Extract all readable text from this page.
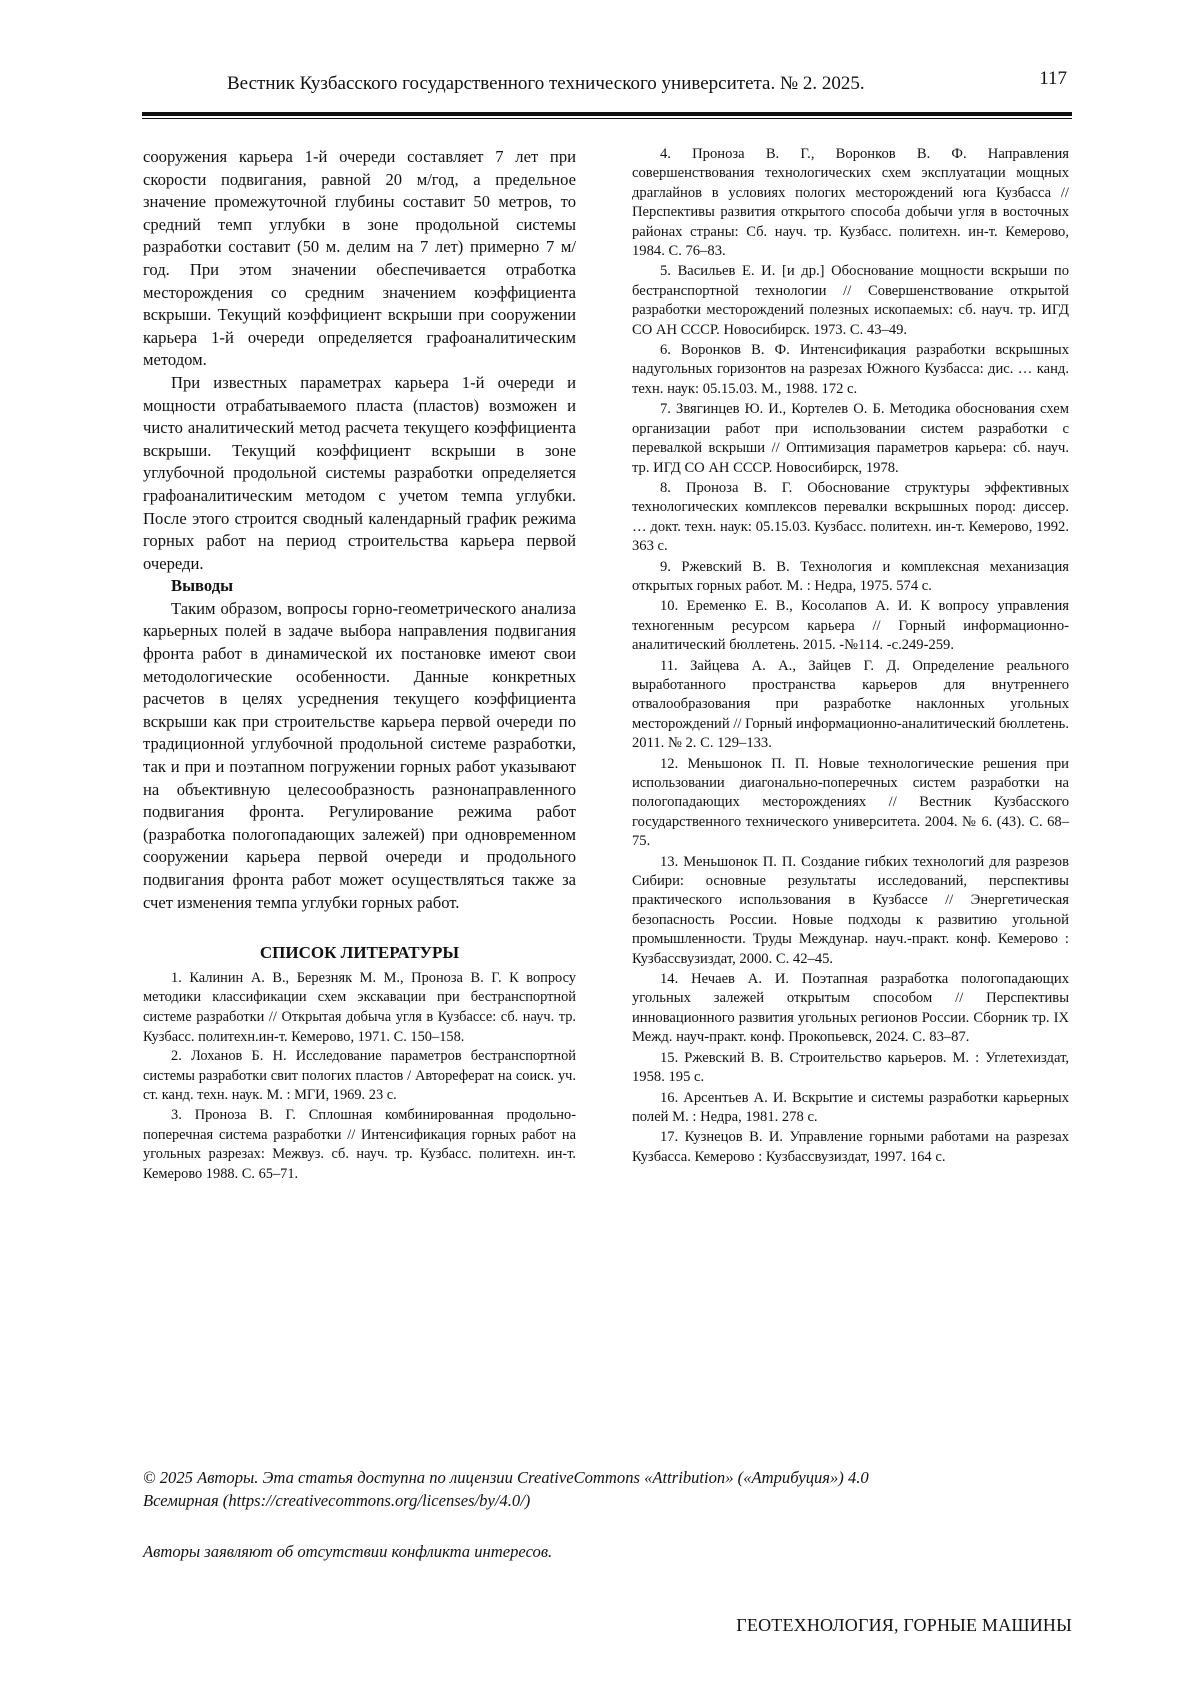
Вестник Кузбасского государственного технического университета. № 2. 2025.	117

сооружения карьера 1-й очереди составляет 7 лет при скорости подвигания, равной 20 м/год, а предельное значение промежуточной глубины составит 50 метров, то средний темп углубки в зоне продольной системы разработки составит (50 м. делим на 7 лет) примерно 7 м/год. При этом значении обеспечивается отработка месторождения со средним значением коэффициента вскрыши. Текущий коэффициент вскрыши при сооружении карьера 1-й очереди определяется графоаналитическим методом.

При известных параметрах карьера 1-й очереди и мощности отрабатываемого пласта (пластов) возможен и чисто аналитический метод расчета текущего коэффициента вскрыши. Текущий коэффициент вскрыши в зоне углубочной продольной системы разработки определяется графоаналитическим методом с учетом темпа углубки. После этого строится сводный календарный график режима горных работ на период строительства карьера первой очереди.

Выводы

Таким образом, вопросы горно-геометрического анализа карьерных полей в задаче выбора направления подвигания фронта работ в динамической их постановке имеют свои методологические особенности. Данные конкретных расчетов в целях усреднения текущего коэффициента вскрыши как при строительстве карьера первой очереди по традиционной углубочной продольной системе разработки, так и при и поэтапном погружении горных работ указывают на объективную целесообразность разнонаправленного подвигания фронта. Регулирование режима работ (разработка пологопадающих залежей) при одновременном сооружении карьера первой очереди и продольного подвигания фронта работ может осуществляться также за счет изменения темпа углубки горных работ.

СПИСОК ЛИТЕРАТУРЫ

1. Калинин А. В., Березняк М. М., Проноза В. Г. К вопросу методики классификации схем экскавации при бестранспортной системе разработки // Открытая добыча угля в Кузбассе: сб. науч. тр. Кузбасс. политехн.ин-т. Кемерово, 1971. С. 150–158.

2. Лоханов Б. Н. Исследование параметров бестранспортной системы разработки свит пологих пластов / Автореферат на соиск. уч. ст. канд. техн. наук. М. : МГИ, 1969. 23 с.

3. Проноза В. Г. Сплошная комбинированная продольно-поперечная система разработки // Интенсификация горных работ на угольных разрезах: Межвуз. сб. науч. тр. Кузбасс. политехн. ин-т. Кемерово 1988. С. 65–71.

4. Проноза В. Г., Воронков В. Ф. Направления совершенствования технологических схем эксплуатации мощных драглайнов в условиях пологих месторождений юга Кузбасса // Перспективы развития открытого способа добычи угля в восточных районах страны: Сб. науч. тр. Кузбасс. политехн. ин-т. Кемерово, 1984. С. 76–83.

5. Васильев Е. И. [и др.] Обоснование мощности вскрыши по бестранспортной технологии // Совершенствование открытой разработки месторождений полезных ископаемых: сб. науч. тр. ИГД СО АН СССР. Новосибирск. 1973. С. 43–49.

6. Воронков В. Ф. Интенсификация разработки вскрышных надугольных горизонтов на разрезах Южного Кузбасса: дис. … канд. техн. наук: 05.15.03. М., 1988. 172 с.

7. Звягинцев Ю. И., Кортелев О. Б. Методика обоснования схем организации работ при использовании систем разработки с перевалкой вскрыши // Оптимизация параметров карьера: сб. науч. тр. ИГД СО АН СССР. Новосибирск, 1978.

8. Проноза В. Г. Обоснование структуры эффективных технологических комплексов перевалки вскрышных пород: диссер. … докт. техн. наук: 05.15.03. Кузбасс. политехн. ин-т. Кемерово, 1992. 363 с.

9. Ржевский В. В. Технология и комплексная механизация открытых горных работ. М. : Недра, 1975. 574 с.

10. Еременко Е. В., Косолапов А. И. К вопросу управления техногенным ресурсом карьера // Горный информационно-аналитический бюллетень. 2015. -№114. -с.249-259.

11. Зайцева А. А., Зайцев Г. Д. Определение реального выработанного пространства карьеров для внутреннего отвалообразования при разработке наклонных угольных месторождений // Горный информационно-аналитический бюллетень. 2011. № 2. С. 129–133.

12. Меньшонок П. П. Новые технологические решения при использовании диагонально-поперечных систем разработки на пологопадающих месторождениях // Вестник Кузбасского государственного технического университета. 2004. № 6. (43). С. 68–75.

13. Меньшонок П. П. Создание гибких технологий для разрезов Сибири: основные результаты исследований, перспективы практического использования в Кузбассе // Энергетическая безопасность России. Новые подходы к развитию угольной промышленности. Труды Междунар. науч.-практ. конф. Кемерово : Кузбассвузиздат, 2000. С. 42–45.

14. Нечаев А. И. Поэтапная разработка пологопадающих угольных залежей открытым способом // Перспективы инновационного развития угольных регионов России. Сборник тр. IX Межд. науч-практ. конф. Прокопьевск, 2024. С. 83–87.

15. Ржевский В. В. Строительство карьеров. М. : Углетехиздат, 1958. 195 с.

16. Арсентьев А. И. Вскрытие и системы разработки карьерных полей М. : Недра, 1981. 278 с.

17. Кузнецов В. И. Управление горными работами на разрезах Кузбасса. Кемерово : Кузбассвузиздат, 1997. 164 с.

© 2025 Авторы. Эта статья доступна по лицензии CreativeCommons «Attribution» («Атрибуция») 4.0
Всемирная (https://creativecommons.org/licenses/by/4.0/)
Авторы заявляют об отсутствии конфликта интересов.
ГЕОТЕХНОЛОГИЯ, ГОРНЫЕ МАШИНЫ
